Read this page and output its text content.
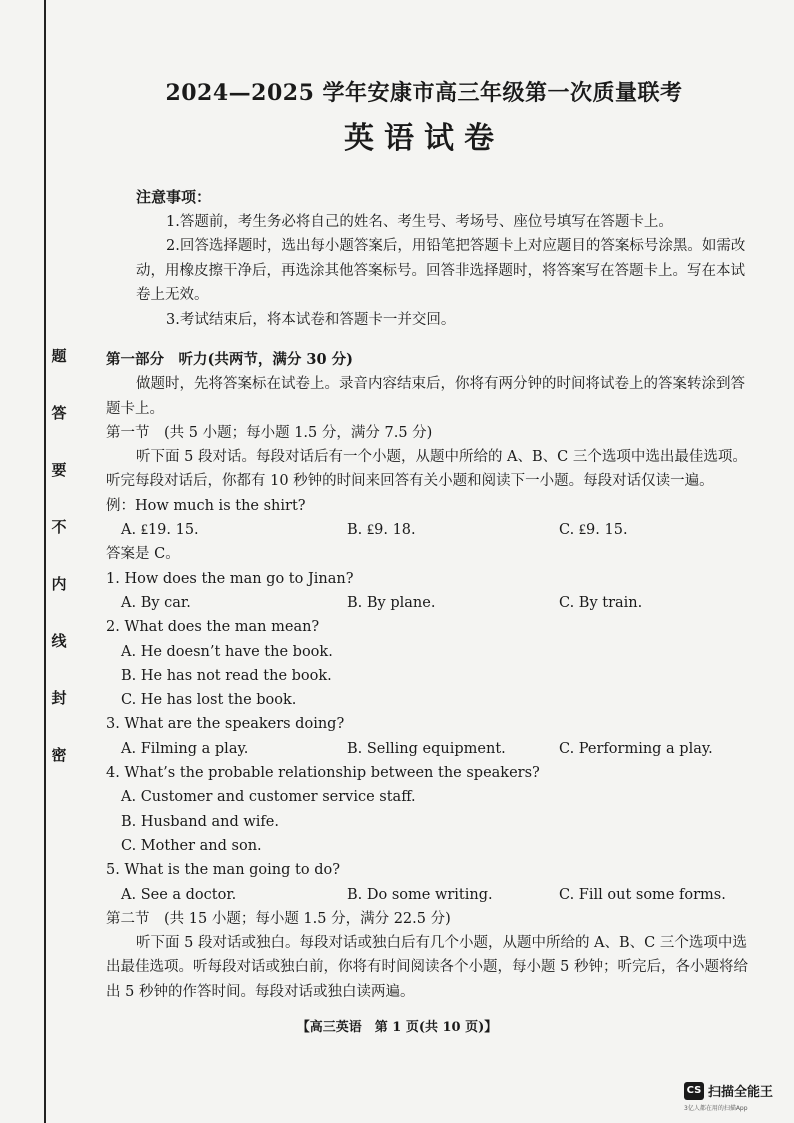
题
答
要
不
内
线
封
密
2024—2025 学年安康市高三年级第一次质量联考
英语试卷
注意事项：
1.答题前，考生务必将自己的姓名、考生号、考场号、座位号填写在答题卡上。
2.回答选择题时，选出每小题答案后，用铅笔把答题卡上对应题目的答案标号涂黑。如需改动，用橡皮擦干净后，再选涂其他答案标号。回答非选择题时，将答案写在答题卡上。写在本试卷上无效。
3.考试结束后，将本试卷和答题卡一并交回。
第一部分　听力(共两节，满分 30 分)
做题时，先将答案标在试卷上。录音内容结束后，你将有两分钟的时间将试卷上的答案转涂到答题卡上。
第一节　(共 5 小题；每小题 1.5 分，满分 7.5 分)
听下面 5 段对话。每段对话后有一个小题，从题中所给的 A、B、C 三个选项中选出最佳选项。听完每段对话后，你都有 10 秒钟的时间来回答有关小题和阅读下一小题。每段对话仅读一遍。
例：How much is the shirt?
A. ₤19. 15.	B. ₤9. 18.	C. ₤9. 15.
答案是 C。
1. How does the man go to Jinan?
A. By car.	B. By plane.	C. By train.
2. What does the man mean?
A. He doesn’t have the book.
B. He has not read the book.
C. He has lost the book.
3. What are the speakers doing?
A. Filming a play.	B. Selling equipment.	C. Performing a play.
4. What’s the probable relationship between the speakers?
A. Customer and customer service staff.
B. Husband and wife.
C. Mother and son.
5. What is the man going to do?
A. See a doctor.	B. Do some writing.	C. Fill out some forms.
第二节　(共 15 小题；每小题 1.5 分，满分 22.5 分)
听下面 5 段对话或独白。每段对话或独白后有几个小题，从题中所给的 A、B、C 三个选项中选出最佳选项。听每段对话或独白前，你将有时间阅读各个小题，每小题 5 秒钟；听完后，各小题将给出 5 秒钟的作答时间。每段对话或独白读两遍。
【高三英语　第 1 页(共 10 页)】
CS 扫描全能王
3亿人都在用的扫描App
